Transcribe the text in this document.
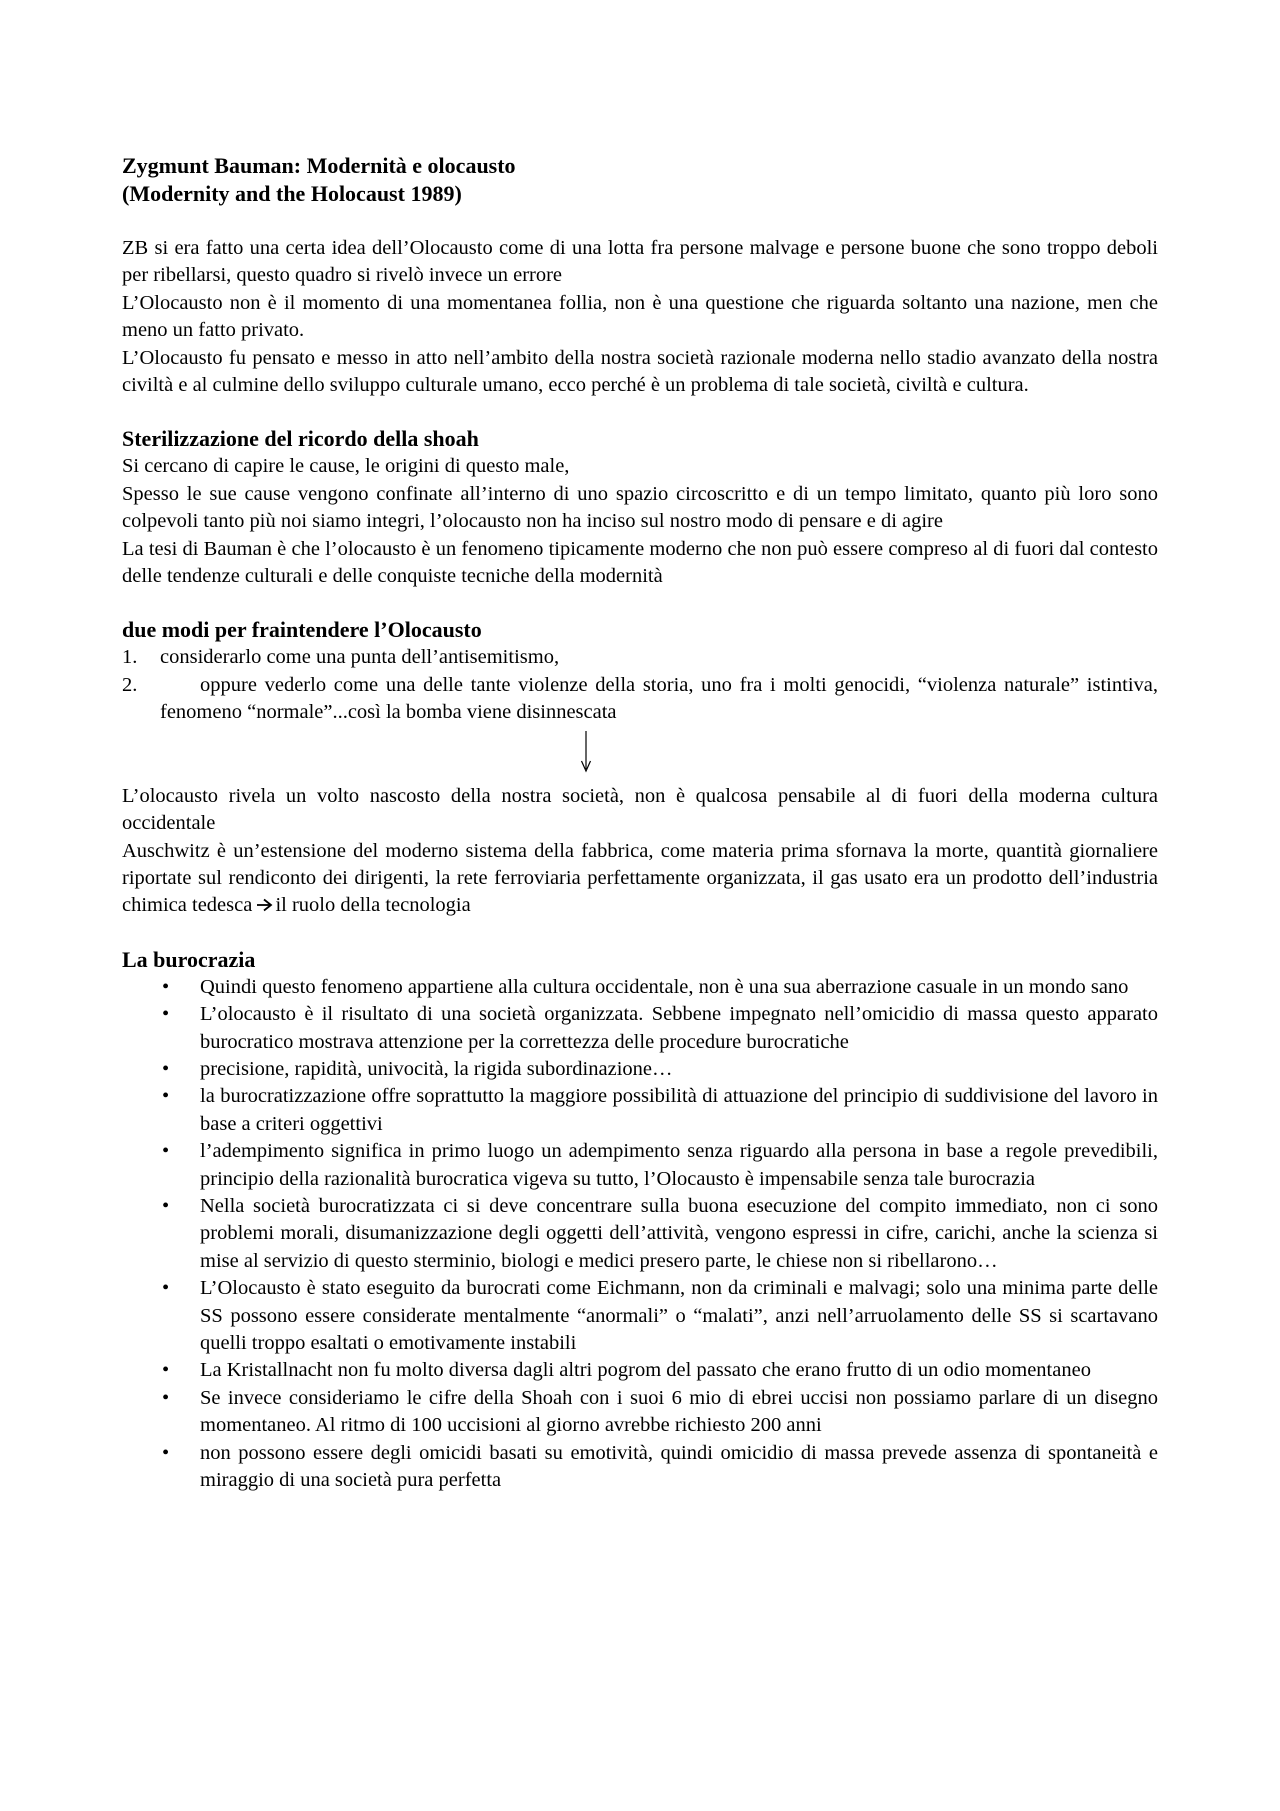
Zygmunt Bauman: Modernità e olocausto

(Modernity and the Holocaust 1989)

ZB si era fatto una certa idea dell’Olocausto come di una lotta fra persone malvage e persone buone che sono troppo deboli per ribellarsi, questo quadro si rivelò invece un errore

L’Olocausto non è il momento di una momentanea follia, non è una questione che riguarda soltanto una nazione, men che meno un fatto privato.

L’Olocausto fu pensato e messo in atto nell’ambito della nostra società razionale moderna nello stadio avanzato della nostra civiltà e al culmine dello sviluppo culturale umano, ecco perché è un problema di tale società, civiltà e cultura.

Sterilizzazione del ricordo della shoah

Si cercano di capire le cause, le origini di questo male,

Spesso le sue cause vengono confinate all’interno di uno spazio circoscritto e di un tempo limitato, quanto più loro sono colpevoli tanto più noi siamo integri, l’olocausto non ha inciso sul nostro modo di pensare e di agire

La tesi di Bauman è che l’olocausto è un fenomeno tipicamente moderno che non può essere compreso al di fuori dal contesto delle tendenze culturali e delle conquiste tecniche della modernità

due modi per fraintendere l’Olocausto

1.	considerarlo come una punta dell’antisemitismo,
2.	oppure vederlo come una delle tante violenze della storia, uno fra i molti genocidi, “violenza naturale” istintiva, fenomeno “normale”...così la bomba viene disinnescata

L’olocausto rivela un volto nascosto della nostra società, non è qualcosa pensabile al di fuori della moderna cultura occidentale

Auschwitz è un’estensione del moderno sistema della fabbrica, come materia prima sfornava la morte, quantità giornaliere riportate sul rendiconto dei dirigenti, la rete ferroviaria perfettamente organizzata, il gas usato era un prodotto dell’industria chimica tedesca il ruolo della tecnologia

La burocrazia

• Quindi questo fenomeno appartiene alla cultura occidentale, non è una sua aberrazione casuale in un mondo sano
• L’olocausto è il risultato di una società organizzata. Sebbene impegnato nell’omicidio di massa questo apparato burocratico mostrava attenzione per la correttezza delle procedure burocratiche
• precisione, rapidità, univocità, la rigida subordinazione…
• la burocratizzazione offre soprattutto la maggiore possibilità di attuazione del principio di suddivisione del lavoro in base a criteri oggettivi
• l’adempimento significa in primo luogo un adempimento senza riguardo alla persona in base a regole prevedibili, principio della razionalità burocratica vigeva su tutto, l’Olocausto è impensabile senza tale burocrazia
• Nella società burocratizzata ci si deve concentrare sulla buona esecuzione del compito immediato, non ci sono problemi morali, disumanizzazione degli oggetti dell’attività, vengono espressi in cifre, carichi, anche la scienza si mise al servizio di questo sterminio, biologi e medici presero parte, le chiese non si ribellarono…
• L’Olocausto è stato eseguito da burocrati come Eichmann, non da criminali e malvagi; solo una minima parte delle SS possono essere considerate mentalmente “anormali” o “malati”, anzi nell’arruolamento delle SS si scartavano quelli troppo esaltati o emotivamente instabili
• La Kristallnacht non fu molto diversa dagli altri pogrom del passato che erano frutto di un odio momentaneo
• Se invece consideriamo le cifre della Shoah con i suoi 6 mio di ebrei uccisi non possiamo parlare di un disegno momentaneo. Al ritmo di 100 uccisioni al giorno avrebbe richiesto 200 anni
• non possono essere degli omicidi basati su emotività, quindi omicidio di massa prevede assenza di spontaneità e miraggio di una società pura perfetta
